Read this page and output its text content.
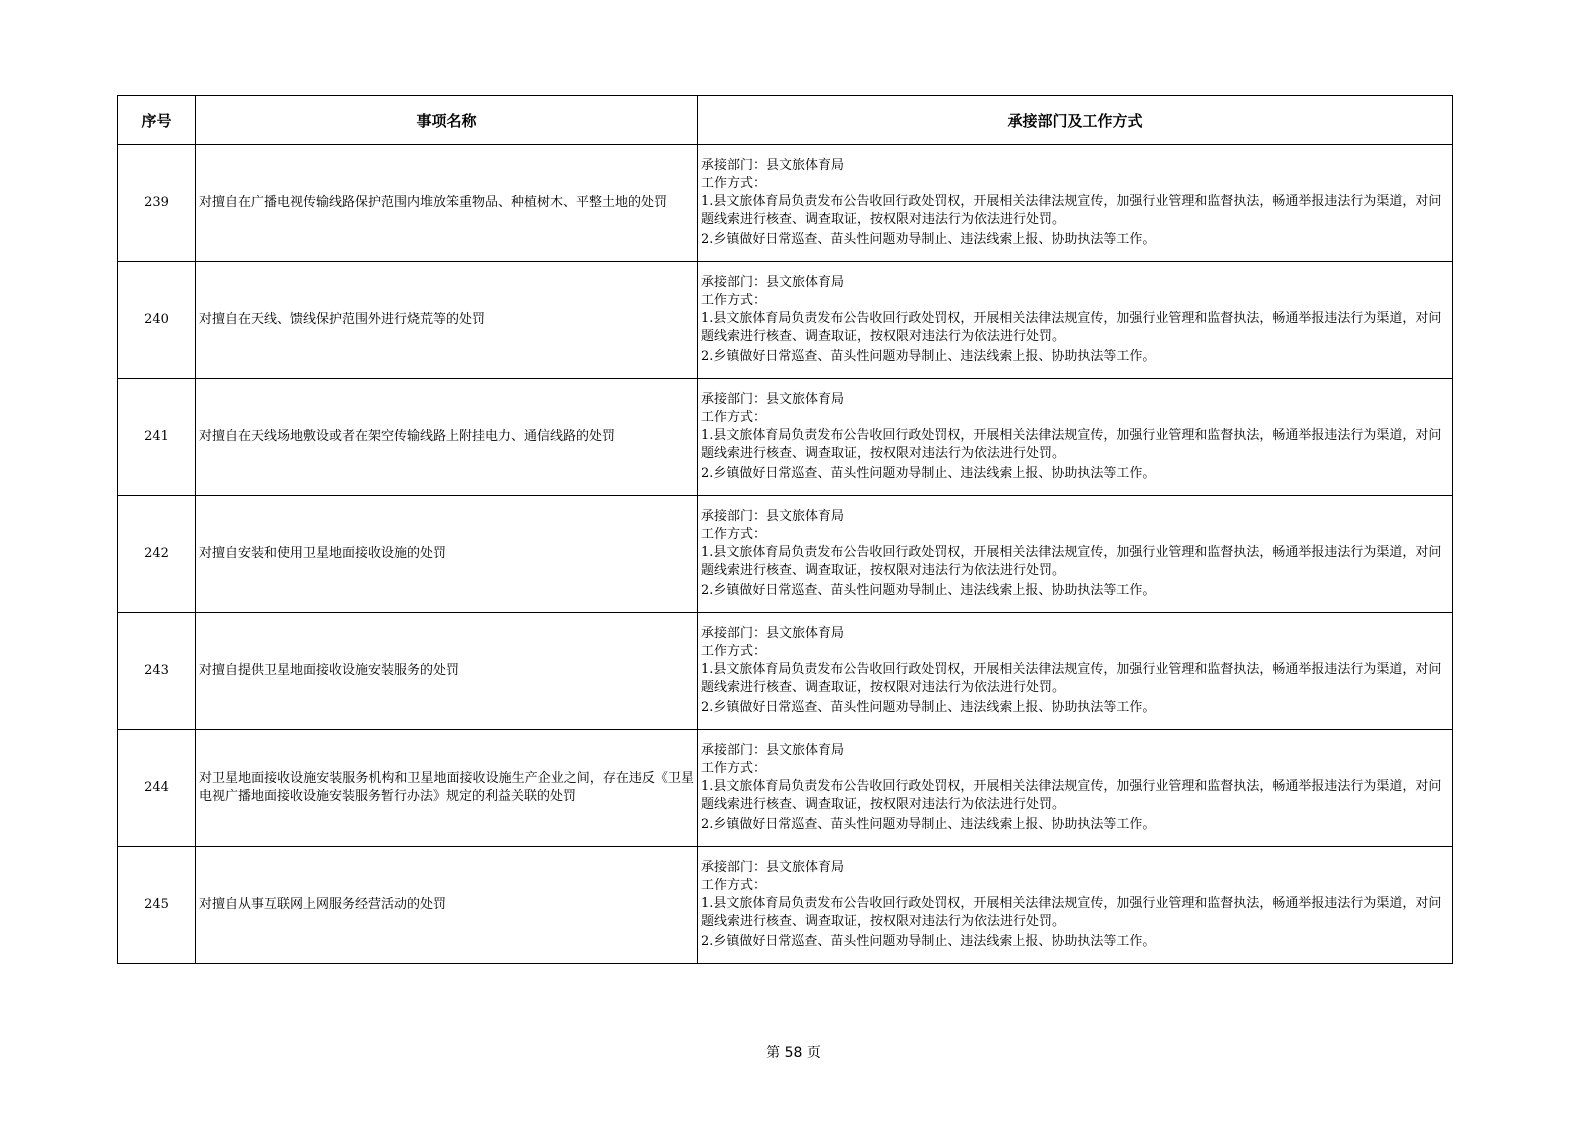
序号	事项名称	承接部门及工作方式
239	对擅自在广播电视传输线路保护范围内堆放笨重物品、种植树木、平整土地的处罚	承接部门：县文旅体育局
工作方式：
1.县文旅体育局负责发布公告收回行政处罚权，开展相关法律法规宣传，加强行业管理和监督执法，畅通举报违法行为渠道，对问题线索进行核查、调查取证，按权限对违法行为依法进行处罚。
2.乡镇做好日常巡查、苗头性问题劝导制止、违法线索上报、协助执法等工作。

240	对擅自在天线、馈线保护范围外进行烧荒等的处罚	承接部门：县文旅体育局
工作方式：
1.县文旅体育局负责发布公告收回行政处罚权，开展相关法律法规宣传，加强行业管理和监督执法，畅通举报违法行为渠道，对问题线索进行核查、调查取证，按权限对违法行为依法进行处罚。
2.乡镇做好日常巡查、苗头性问题劝导制止、违法线索上报、协助执法等工作。

241	对擅自在天线场地敷设或者在架空传输线路上附挂电力、通信线路的处罚	承接部门：县文旅体育局
工作方式：
1.县文旅体育局负责发布公告收回行政处罚权，开展相关法律法规宣传，加强行业管理和监督执法，畅通举报违法行为渠道，对问题线索进行核查、调查取证，按权限对违法行为依法进行处罚。
2.乡镇做好日常巡查、苗头性问题劝导制止、违法线索上报、协助执法等工作。

242	对擅自安装和使用卫星地面接收设施的处罚	承接部门：县文旅体育局
工作方式：
1.县文旅体育局负责发布公告收回行政处罚权，开展相关法律法规宣传，加强行业管理和监督执法，畅通举报违法行为渠道，对问题线索进行核查、调查取证，按权限对违法行为依法进行处罚。
2.乡镇做好日常巡查、苗头性问题劝导制止、违法线索上报、协助执法等工作。

243	对擅自提供卫星地面接收设施安装服务的处罚	承接部门：县文旅体育局
工作方式：
1.县文旅体育局负责发布公告收回行政处罚权，开展相关法律法规宣传，加强行业管理和监督执法，畅通举报违法行为渠道，对问题线索进行核查、调查取证，按权限对违法行为依法进行处罚。
2.乡镇做好日常巡查、苗头性问题劝导制止、违法线索上报、协助执法等工作。

244	对卫星地面接收设施安装服务机构和卫星地面接收设施生产企业之间，存在违反《卫星电视广播地面接收设施安装服务暂行办法》规定的利益关联的处罚	承接部门：县文旅体育局
工作方式：
1.县文旅体育局负责发布公告收回行政处罚权，开展相关法律法规宣传，加强行业管理和监督执法，畅通举报违法行为渠道，对问题线索进行核查、调查取证，按权限对违法行为依法进行处罚。
2.乡镇做好日常巡查、苗头性问题劝导制止、违法线索上报、协助执法等工作。

245	对擅自从事互联网上网服务经营活动的处罚	承接部门：县文旅体育局
工作方式：
1.县文旅体育局负责发布公告收回行政处罚权，开展相关法律法规宣传，加强行业管理和监督执法，畅通举报违法行为渠道，对问题线索进行核查、调查取证，按权限对违法行为依法进行处罚。
2.乡镇做好日常巡查、苗头性问题劝导制止、违法线索上报、协助执法等工作。
第 58 页
